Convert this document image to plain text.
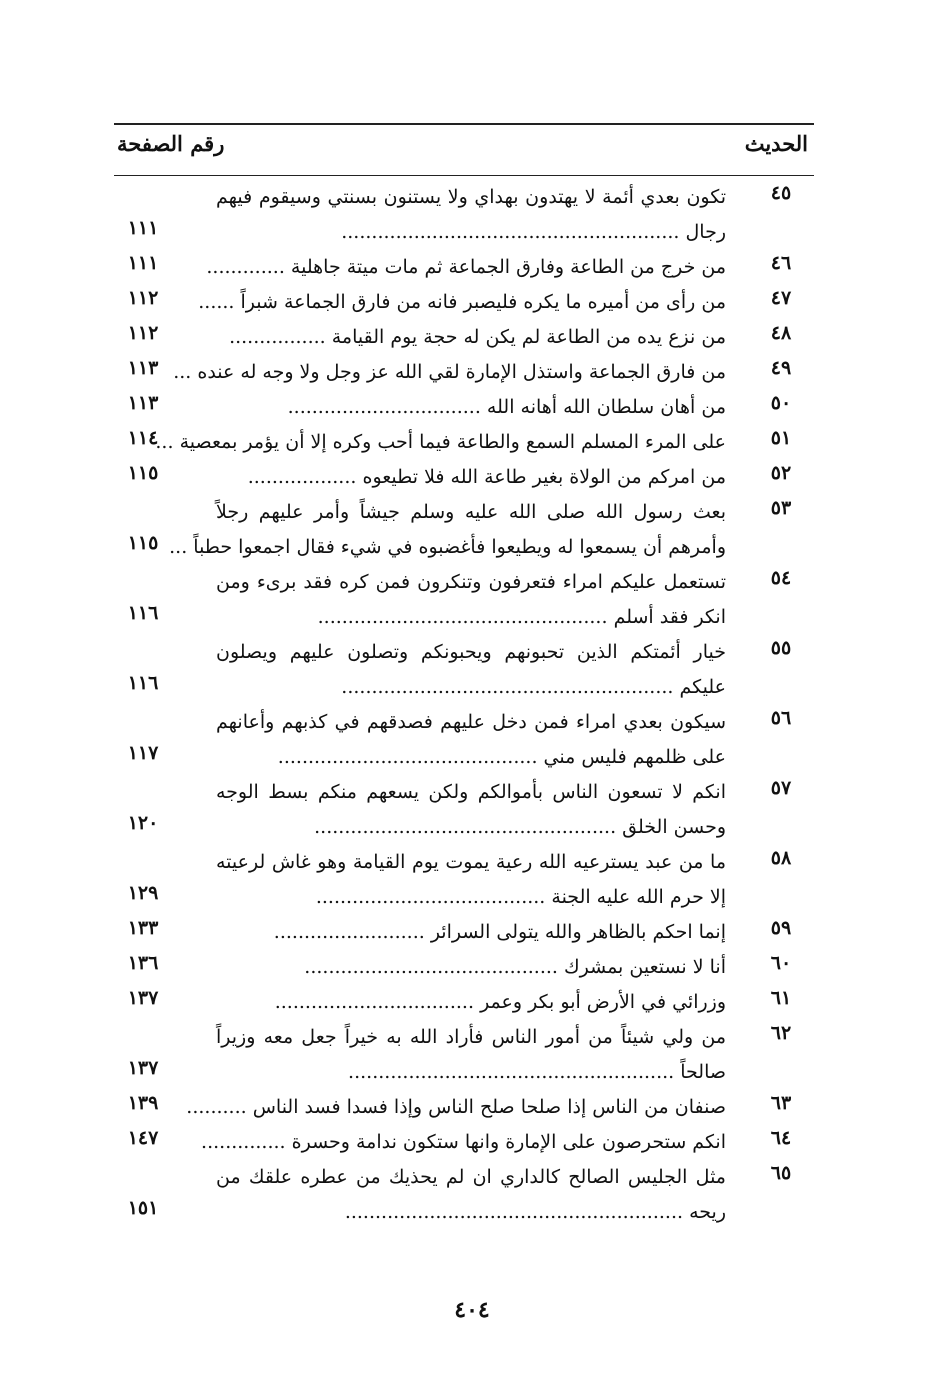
الحديث
رقم الصفحة
٤٥
تكون بعدي أئمة لا يهتدون بهداي ولا يستنون بسنتي وسيقوم فيهم
رجال ........................................................
١١١
٤٦
من خرج من الطاعة وفارق الجماعة ثم مات ميتة جاهلية .............
١١١
٤٧
من رأى من أميره ما يكره فليصبر فانه من فارق الجماعة شبراً ......
١١٢
٤٨
من نزع يده من الطاعة لم يكن له حجة يوم القيامة ................
١١٢
٤٩
من فارق الجماعة واستذل الإمارة لقي الله عز وجل ولا وجه له عنده ...
١١٣
٥٠
من أهان سلطان الله أهانه الله ................................
١١٣
٥١
على المرء المسلم السمع والطاعة فيما أحب وكره إلا أن يؤمر بمعصية ...
١١٤
٥٢
من امركم من الولاة بغير طاعة الله فلا تطيعوه ..................
١١٥
٥٣
بعث رسول الله صلى الله عليه وسلم جيشاً وأمر عليهم رجلاً
وأمرهم أن يسمعوا له ويطيعوا فأغضبوه في شيء فقال اجمعوا حطباً ...
١١٥
٥٤
تستعمل عليكم امراء فتعرفون وتنكرون فمن كره فقد برىء ومن
انكر فقد أسلم ................................................
١١٦
٥٥
خيار أئمتكم الذين تحبونهم ويحبونكم وتصلون عليهم ويصلون
عليكم .......................................................
١١٦
٥٦
سيكون بعدي امراء فمن دخل عليهم فصدقهم في كذبهم وأعانهم
على ظلمهم فليس مني ...........................................
١١٧
٥٧
انكم لا تسعون الناس بأموالكم ولكن يسعهم منكم بسط الوجه
وحسن الخلق ..................................................
١٢٠
٥٨
ما من عبد يسترعيه الله رعية يموت يوم القيامة وهو غاش لرعيته
إلا حرم الله عليه الجنة ......................................
١٢٩
٥٩
إنما احكم بالظاهر والله يتولى السرائر .........................
١٣٣
٦٠
أنا لا نستعين بمشرك ..........................................
١٣٦
٦١
وزرائي في الأرض أبو بكر وعمر .................................
١٣٧
٦٢
من ولي شيئاً من أمور الناس فأراد الله به خيراً جعل معه وزيراً
صالحاً ......................................................
١٣٧
٦٣
صنفان من الناس إذا صلحا صلح الناس وإذا فسدا فسد الناس ..........
١٣٩
٦٤
انكم ستحرصون على الإمارة وانها ستكون ندامة وحسرة ..............
١٤٧
٦٥
مثل الجليس الصالح كالداري ان لم يحذيك من عطره علقك من
ريحه ........................................................
١٥١
٤٠٤
